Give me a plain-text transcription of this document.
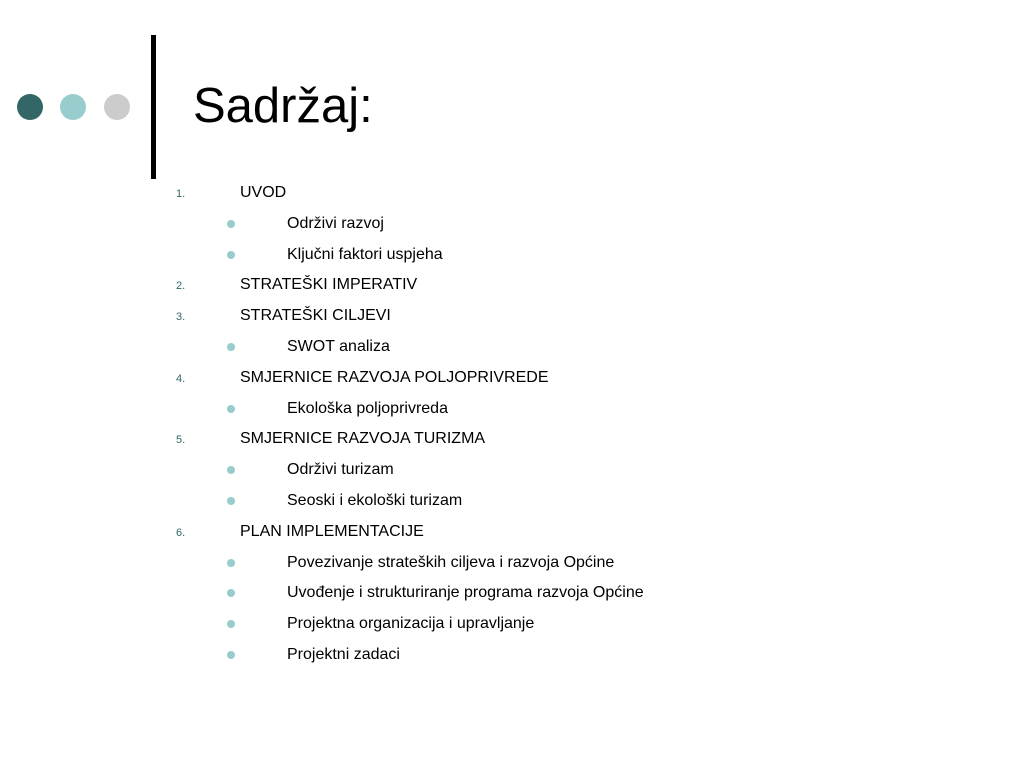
Sadržaj:
1.	UVOD
Održivi razvoj
Ključni faktori uspjeha
2.	STRATEŠKI IMPERATIV
3.	STRATEŠKI CILJEVI
SWOT analiza
4.	SMJERNICE RAZVOJA POLJOPRIVREDE
Ekološka poljoprivreda
5.	SMJERNICE RAZVOJA TURIZMA
Održivi turizam
Seoski i ekološki turizam
6.	PLAN IMPLEMENTACIJE
Povezivanje strateških ciljeva i razvoja Općine
Uvođenje i strukturiranje programa razvoja Općine
Projektna organizacija i upravljanje
Projektni zadaci
